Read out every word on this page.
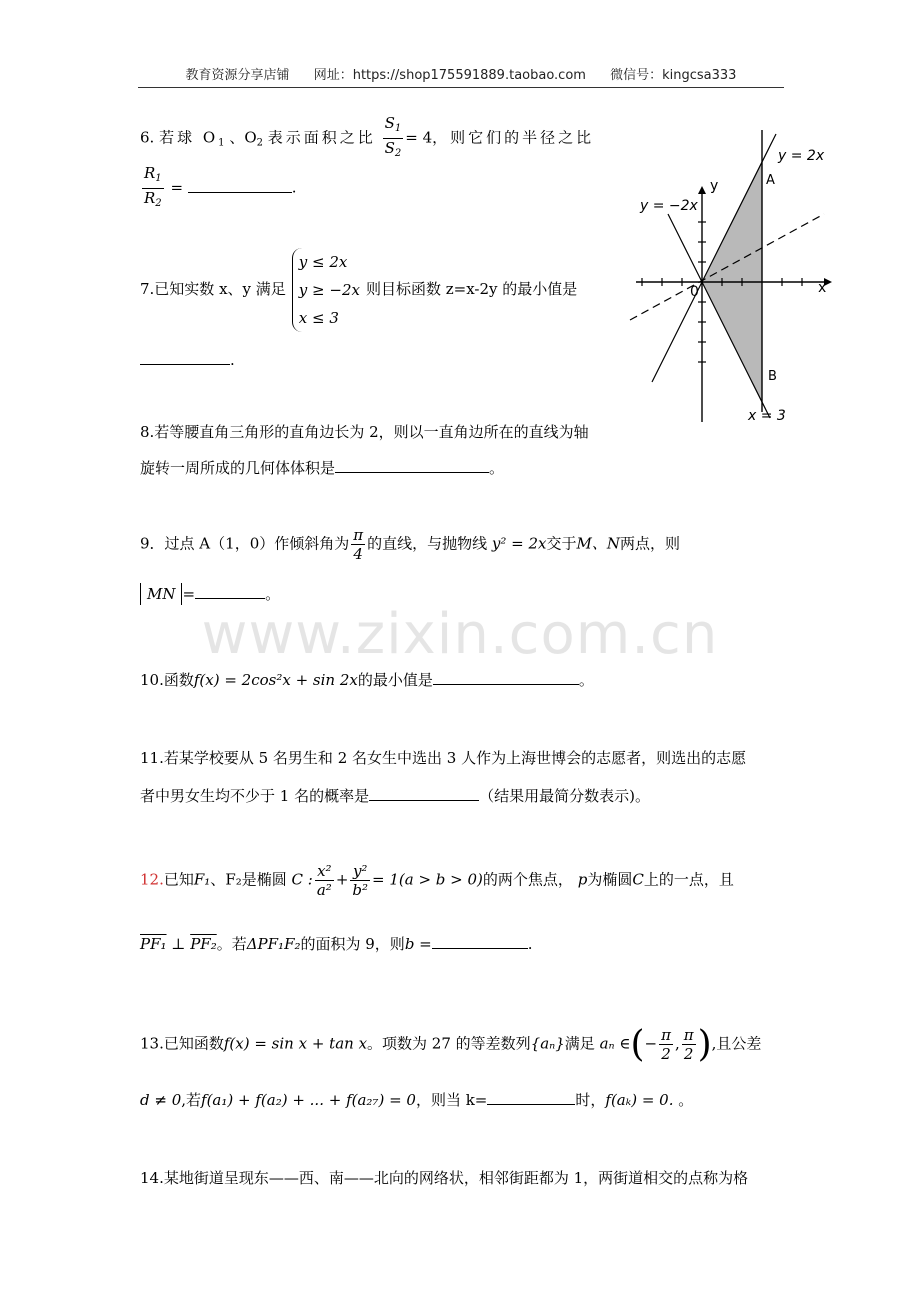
教育资源分享店铺 网址：https://shop175591889.taobao.com 微信号：kingcsa333
www.zixin.com.cn
6. 若球 $O_1$ 、$O_2$ 表示面积之比 $\frac{S_1}{S_2} = 4$，则它们的半径之比
$\frac{R_1}{R_2}$ =	.
7.已知实数 x、y 满足
y ≤ 2x
y ≥ −2x
x ≤ 3
则目标函数 z=x-2y 的最小值是
.
8.若等腰直角三角形的直角边长为 2，则以一直角边所在的直线为轴
旋转一周所成的几何体体积是	。
9．过点 A（1，0）作倾斜角为 $\frac{\pi}{4}$ 的直线，与抛物线 y² = 2x交于M、N两点，则
MN =	。
10.函数f(x) = 2cos²x + sin 2x的最小值是	。
11.若某学校要从 5 名男生和 2 名女生中选出 3 人作为上海世博会的志愿者，则选出的志愿
者中男女生均不少于 1 名的概率是	（结果用最简分数表示)。
12.已知F₁、F₂是椭圆 C : $\frac{\text{x²}}{\text{a²}} + \frac{\text{y²}}{\text{b²}} = 1(a > b > 0)$的两个焦点， p为椭圆C上的一点，且
PF₁ ⊥ PF₂。若ΔPF₁F₂的面积为 9，则b =	.
13.已知函数f(x) = sin x + tan x。项数为 27 的等差数列{aₙ}满足 aₙ ∈(− $\frac{\pi}{2}$ , $\frac{\pi}{2}$ ),且公差
d ≠ 0,若f(a₁) + f(a₂) + ... + f(a₂₇) = 0，则当 k=	时，f(aₖ) = 0. 。
14.某地街道呈现东——西、南——北向的网络状，相邻街距都为 1，两街道相交的点称为格
y = 2x
y = −2x
x = 3
x
y
0
A
B
